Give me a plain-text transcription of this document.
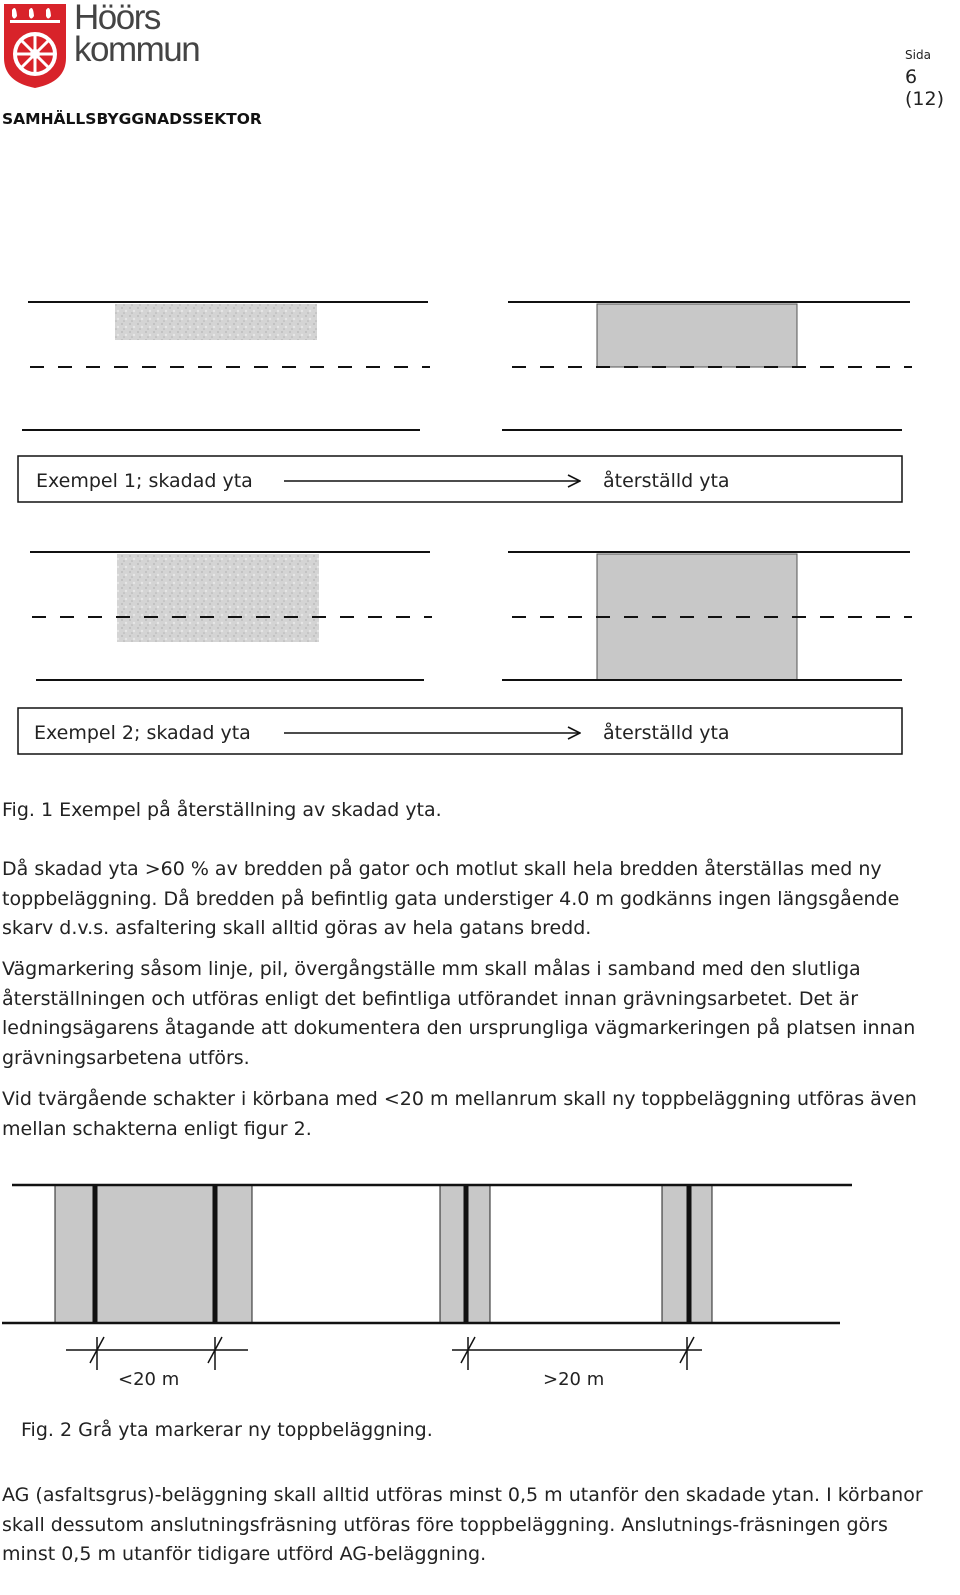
Höörs
kommun	Sida
6 (12)
SAMHÄLLSBYGGNADSSEKTOR
Exempel 1; skadad yta	återställd yta
Exempel 2; skadad yta	återställd yta
Fig. 1 Exempel på återställning av skadad yta.
Då skadad yta >60 % av bredden på gator och motlut skall hela bredden återställas med ny toppbeläggning. Då bredden på befintlig gata understiger 4.0 m godkänns ingen längsgående skarv d.v.s. asfaltering skall alltid göras av hela gatans bredd.
Vägmarkering såsom linje, pil, övergångställe mm skall målas i samband med den slutliga återställningen och utföras enligt det befintliga utförandet innan grävningsarbetet. Det är ledningsägarens åtagande att dokumentera den ursprungliga vägmarkeringen på platsen innan grävningsarbetena utförs.
Vid tvärgående schakter i körbana med <20 m mellanrum skall ny toppbeläggning utföras även mellan schakterna enligt figur 2.
<20 m	>20 m
Fig. 2 Grå yta markerar ny toppbeläggning.
AG (asfaltsgrus)-beläggning skall alltid utföras minst 0,5 m utanför den skadade ytan. I körbanor skall dessutom anslutningsfräsning utföras före toppbeläggning. Anslutnings-fräsningen görs minst 0,5 m utanför tidigare utförd AG-beläggning.
